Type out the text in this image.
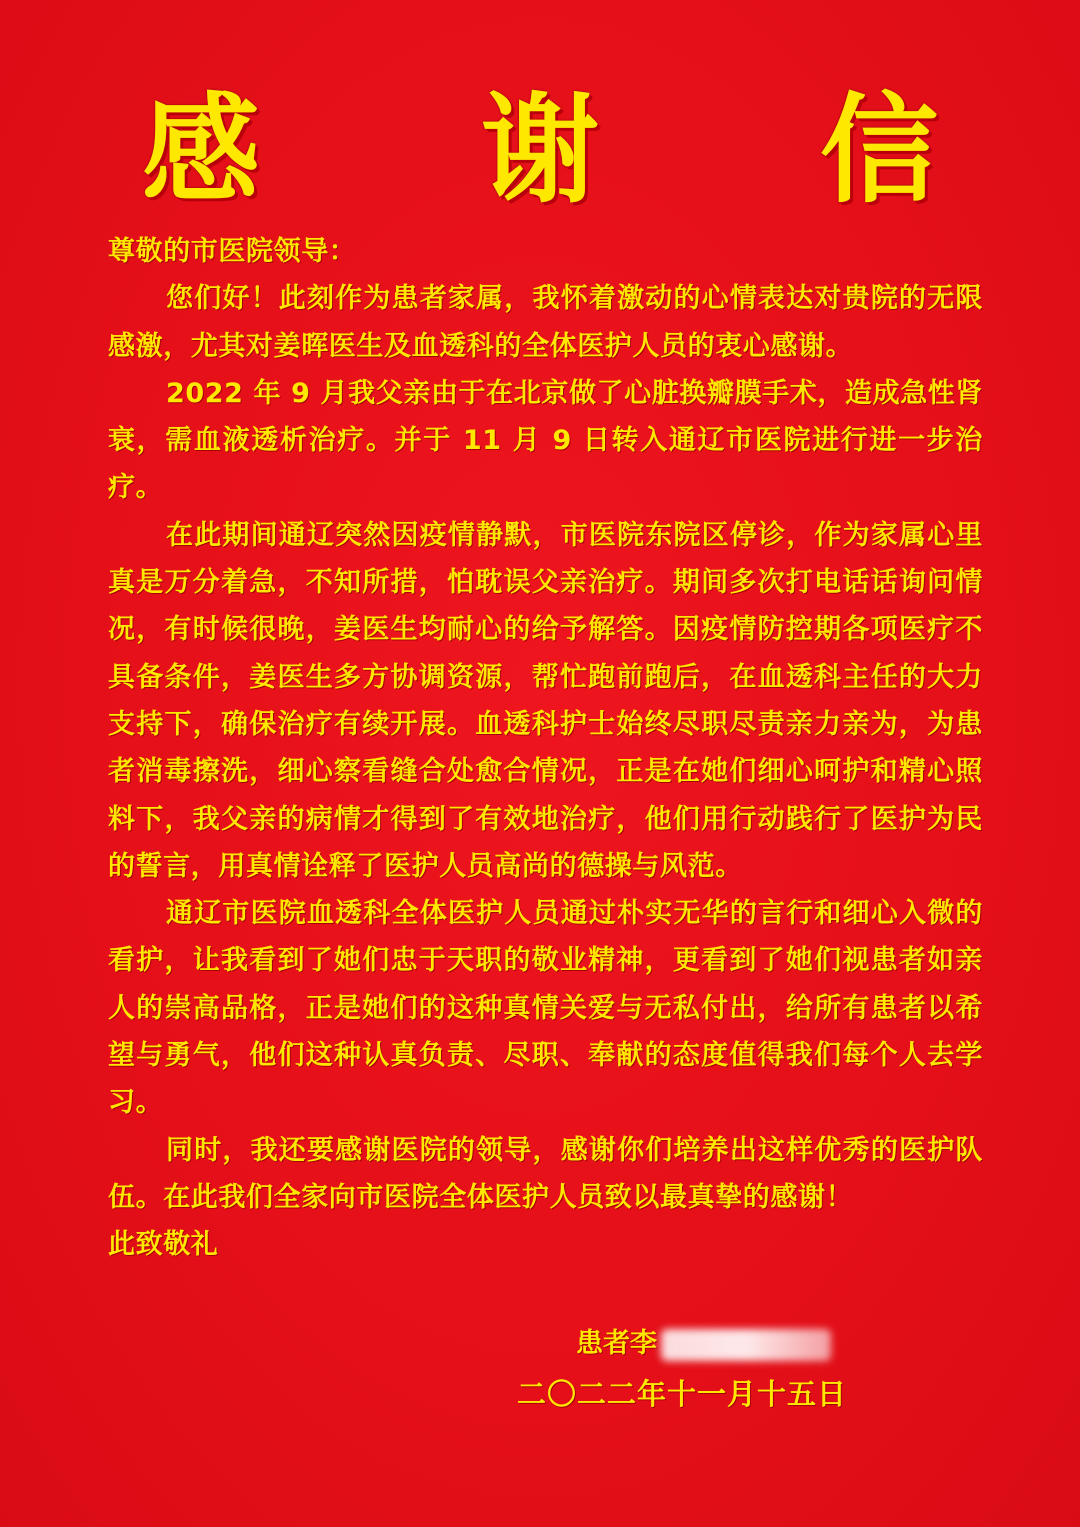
感 谢 信

尊敬的市医院领导：

您们好！此刻作为患者家属，我怀着激动的心情表达对贵院的无限感激，尤其对姜晖医生及血透科的全体医护人员的衷心感谢。

2022 年 9 月我父亲由于在北京做了心脏换瓣膜手术，造成急性肾衰，需血液透析治疗。并于 11 月 9 日转入通辽市医院进行进一步治疗。

在此期间通辽突然因疫情静默，市医院东院区停诊，作为家属心里真是万分着急，不知所措，怕耽误父亲治疗。期间多次打电话话询问情况，有时候很晚，姜医生均耐心的给予解答。因疫情防控期各项医疗不具备条件，姜医生多方协调资源，帮忙跑前跑后，在血透科主任的大力支持下，确保治疗有续开展。血透科护士始终尽职尽责亲力亲为，为患者消毒擦洗，细心察看缝合处愈合情况，正是在她们细心呵护和精心照料下，我父亲的病情才得到了有效地治疗，他们用行动践行了医护为民的誓言，用真情诠释了医护人员高尚的德操与风范。

通辽市医院血透科全体医护人员通过朴实无华的言行和细心入微的看护，让我看到了她们忠于天职的敬业精神，更看到了她们视患者如亲人的崇高品格，正是她们的这种真情关爱与无私付出，给所有患者以希望与勇气，他们这种认真负责、尽职、奉献的态度值得我们每个人去学习。

同时，我还要感谢医院的领导，感谢你们培养出这样优秀的医护队伍。在此我们全家向市医院全体医护人员致以最真挚的感谢！

此致敬礼

患者李
二〇二二年十一月十五日
